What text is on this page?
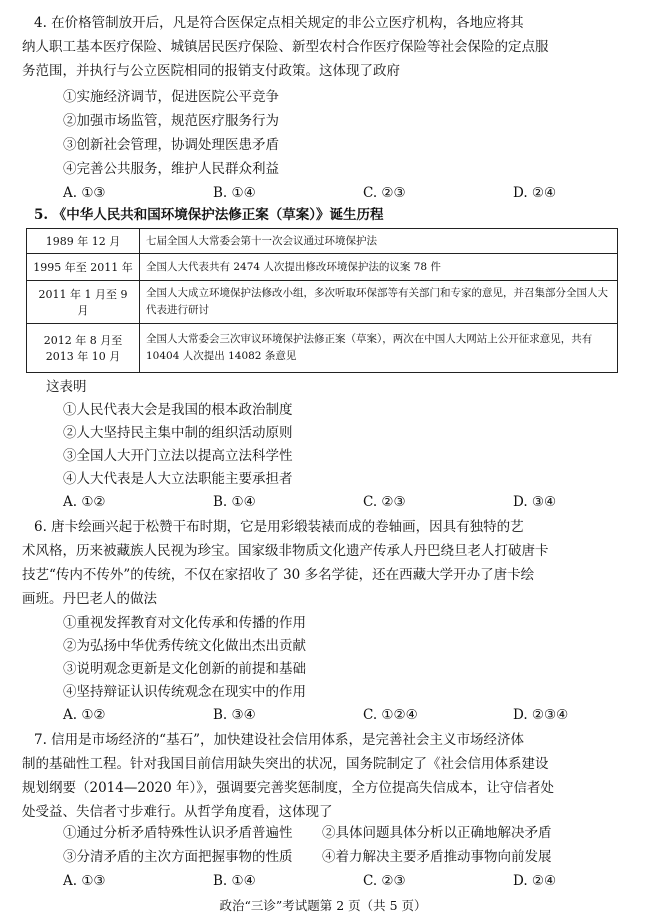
4. 在价格管制放开后，凡是符合医保定点相关规定的非公立医疗机构，各地应将其
纳人职工基本医疗保险、城镇居民医疗保险、新型农村合作医疗保险等社会保险的定点服
务范围，并执行与公立医院相同的报销支付政策。这体现了政府
①实施经济调节，促进医院公平竞争
②加强市场监管，规范医疗服务行为
③创新社会管理，协调处理医患矛盾
④完善公共服务，维护人民群众利益
A. ①③	B. ①④	C. ②③	D. ②④
5. 《中华人民共和国环境保护法修正案（草案）》诞生历程
1989 年 12 月	七届全国人大常委会第十一次会议通过环境保护法
1995 年至 2011 年	全国人大代表共有 2474 人次提出修改环境保护法的议案 78 件
2011 年 1 月至 9 月	全国人大成立环境保护法修改小组，多次听取环保部等有关部门和专家的意见，并召集部分全国人大代表进行研讨
2012 年 8 月至 2013 年 10 月	全国人大常委会三次审议环境保护法修正案（草案），两次在中国人大网站上公开征求意见，共有 10404 人次提出 14082 条意见
这表明
①人民代表大会是我国的根本政治制度
②人大坚持民主集中制的组织活动原则
③全国人大开门立法以提高立法科学性
④人大代表是人大立法职能主要承担者
A. ①②	B. ①④	C. ②③	D. ③④
6. 唐卡绘画兴起于松赞干布时期，它是用彩缎装裱而成的卷轴画，因具有独特的艺
术风格，历来被藏族人民视为珍宝。国家级非物质文化遗产传承人丹巴绕旦老人打破唐卡
技艺“传内不传外”的传统，不仅在家招收了 30 多名学徒，还在西藏大学开办了唐卡绘
画班。丹巴老人的做法
①重视发挥教育对文化传承和传播的作用
②为弘扬中华优秀传统文化做出杰出贡献
③说明观念更新是文化创新的前提和基础
④坚持辩证认识传统观念在现实中的作用
A. ①②	B. ③④	C. ①②④	D. ②③④
7. 信用是市场经济的“基石”，加快建设社会信用体系，是完善社会主义市场经济体
制的基础性工程。针对我国目前信用缺失突出的状况，国务院制定了《社会信用体系建设
规划纲要（2014—2020 年）》，强调要完善奖惩制度，全方位提高失信成本，让守信者处
处受益、失信者寸步难行。从哲学角度看，这体现了
①通过分析矛盾特殊性认识矛盾普遍性 ②具体问题具体分析以正确地解决矛盾
③分清矛盾的主次方面把握事物的性质 ④着力解决主要矛盾推动事物向前发展
政治“三诊”考试题第 2 页（共 5 页）
A. ①③	B. ①④	C. ②③	D. ②④
